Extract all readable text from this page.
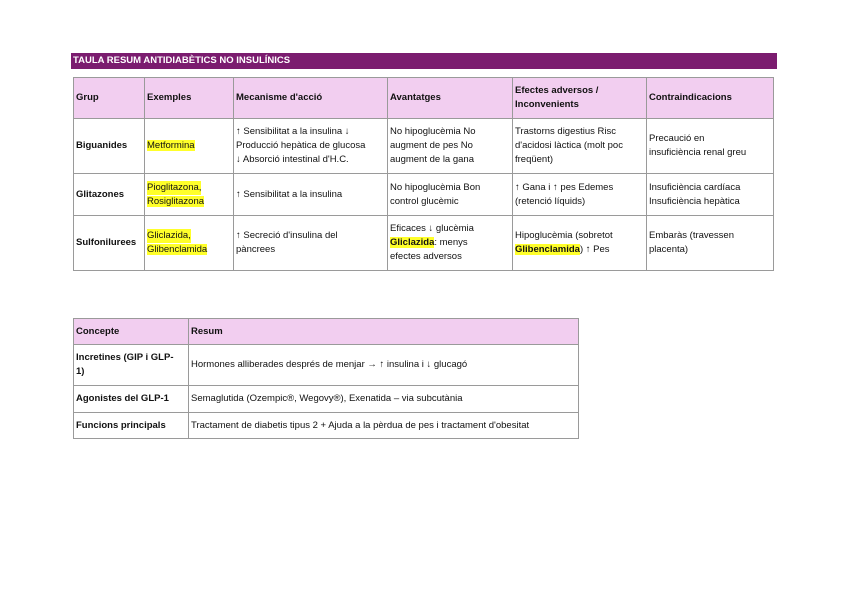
TAULA RESUM ANTIDIABÈTICS NO INSULÍNICS
Grup	Exemples	Mecanisme d'acció	Avantatges	Efectes adversos /
Inconvenients	Contraindicacions
Biguanides	Metformina	↑ Sensibilitat a la insulina ↓
Producció hepàtica de glucosa
↓ Absorció intestinal d'H.C.	No hipoglucèmia No
augment de pes No
augment de la gana	Trastorns digestius Risc
d'acidosi làctica (molt poc
freqüent)	Precaució en
insuficiència renal greu

Glitazones	Pioglitazona,
Rosiglitazona	↑ Sensibilitat a la insulina	No hipoglucèmia Bon
control glucèmic	↑ Gana i ↑ pes Edemes
(retenció líquids)	Insuficiència cardíaca
Insuficiència hepàtica

Sulfonilurees	Gliclazida,
Glibenclamida	↑ Secreció d'insulina del
pàncrees	Eficaces ↓ glucèmia
Gliclazida: menys
efectes adversos	Hipoglucèmia (sobretot
Glibenclamida) ↑ Pes	Embaràs (travessen
placenta)
Concepte	Resum

Incretines (GIP i GLP-
1)	Hormones alliberades després de menjar → ↑ insulina i ↓ glucagó
Agonistes del GLP-1	Semaglutida (Ozempic®, Wegovy®), Exenatida – via subcutània
Funcions principals	Tractament de diabetis tipus 2 + Ajuda a la pèrdua de pes i tractament d'obesitat
